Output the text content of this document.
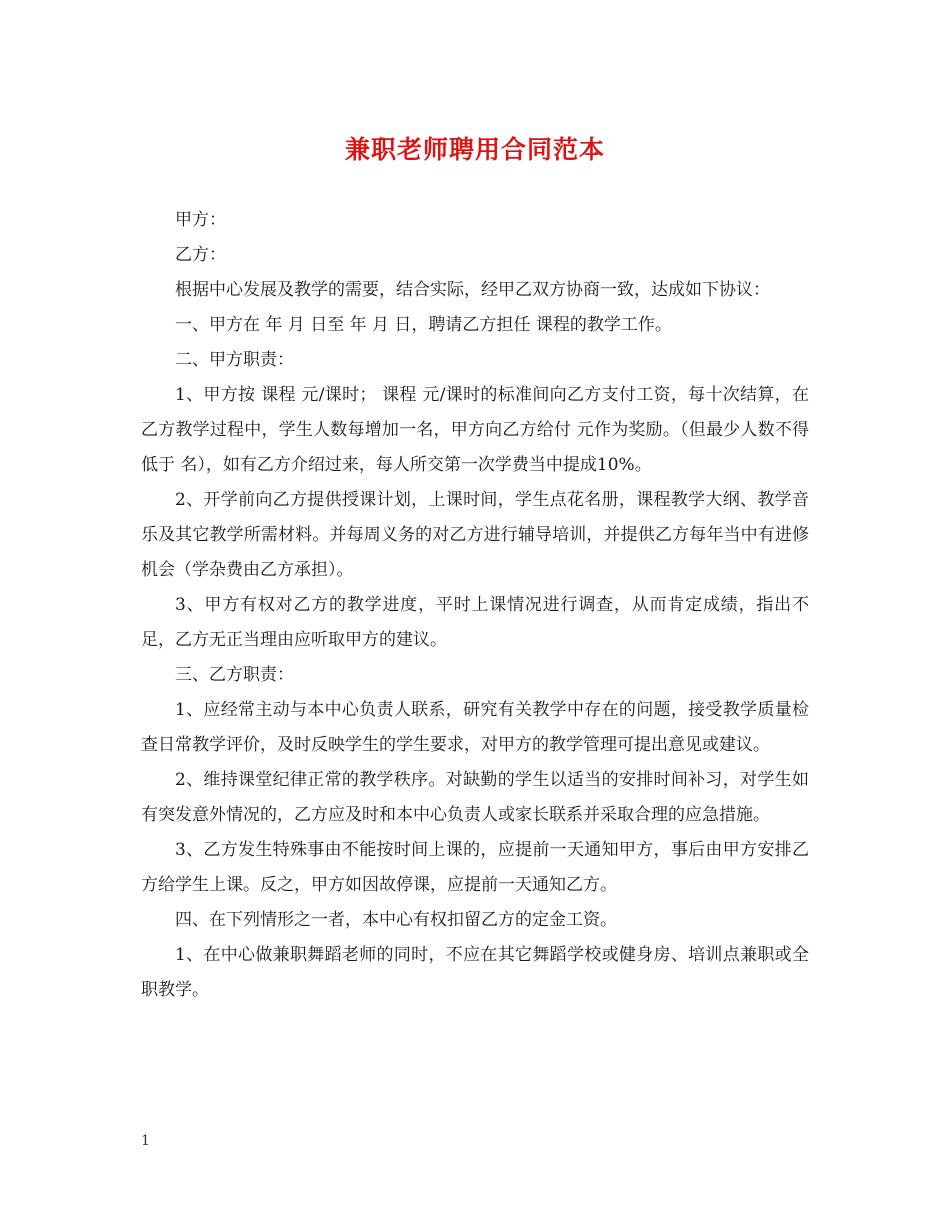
兼职老师聘用合同范本

甲方：

乙方：

根据中心发展及教学的需要，结合实际，经甲乙双方协商一致，达成如下协议：

一、甲方在 年 月 日至 年 月 日，聘请乙方担任 课程的教学工作。

二、甲方职责：

1、甲方按 课程 元/课时； 课程 元/课时的标准间向乙方支付工资，每十次结算，在乙方教学过程中，学生人数每增加一名，甲方向乙方给付 元作为奖励。（但最少人数不得低于 名），如有乙方介绍过来，每人所交第一次学费当中提成10%。

2、开学前向乙方提供授课计划，上课时间，学生点花名册，课程教学大纲、教学音乐及其它教学所需材料。并每周义务的对乙方进行辅导培训，并提供乙方每年当中有进修机会（学杂费由乙方承担）。

3、甲方有权对乙方的教学进度，平时上课情况进行调查，从而肯定成绩，指出不足，乙方无正当理由应听取甲方的建议。

三、乙方职责：

1、应经常主动与本中心负责人联系，研究有关教学中存在的问题，接受教学质量检查日常教学评价，及时反映学生的学生要求，对甲方的教学管理可提出意见或建议。

2、维持课堂纪律正常的教学秩序。对缺勤的学生以适当的安排时间补习，对学生如有突发意外情况的，乙方应及时和本中心负责人或家长联系并采取合理的应急措施。

3、乙方发生特殊事由不能按时间上课的，应提前一天通知甲方，事后由甲方安排乙方给学生上课。反之，甲方如因故停课，应提前一天通知乙方。

四、在下列情形之一者，本中心有权扣留乙方的定金工资。

1、在中心做兼职舞蹈老师的同时，不应在其它舞蹈学校或健身房、培训点兼职或全职教学。

1
